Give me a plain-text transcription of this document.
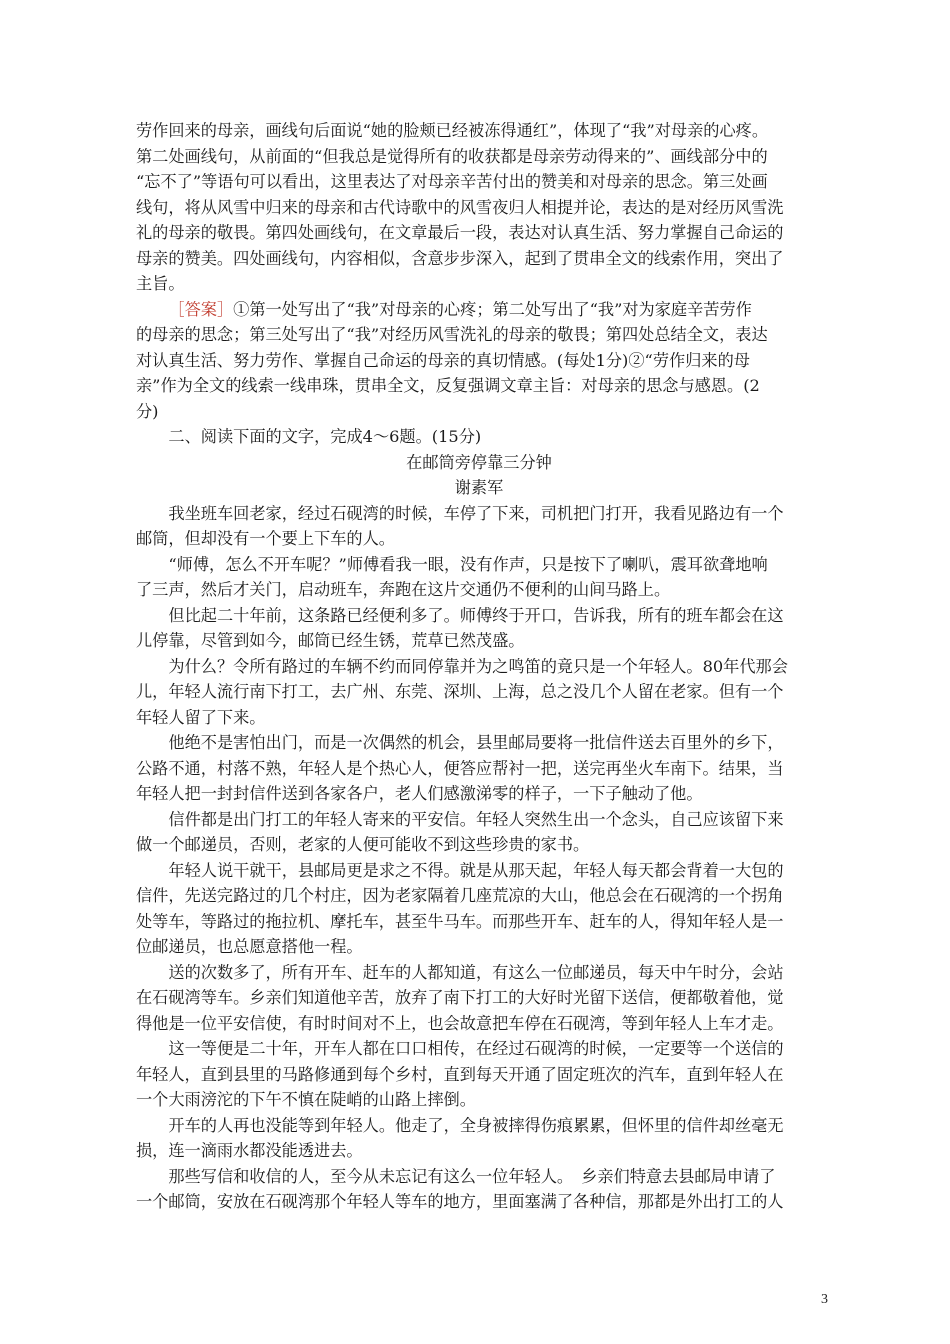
劳作回来的母亲，画线句后面说“她的脸颊已经被冻得通红”，体现了“我”对母亲的心疼。
第二处画线句，从前面的“但我总是觉得所有的收获都是母亲劳动得来的”、画线部分中的
“忘不了”等语句可以看出，这里表达了对母亲辛苦付出的赞美和对母亲的思念。第三处画
线句，将从风雪中归来的母亲和古代诗歌中的风雪夜归人相提并论，表达的是对经历风雪洗
礼的母亲的敬畏。第四处画线句，在文章最后一段，表达对认真生活、努力掌握自己命运的
母亲的赞美。四处画线句，内容相似，含意步步深入，起到了贯串全文的线索作用，突出了
主旨。
［答案］①第一处写出了“我”对母亲的心疼；第二处写出了“我”对为家庭辛苦劳作
的母亲的思念；第三处写出了“我”对经历风雪洗礼的母亲的敬畏；第四处总结全文，表达
对认真生活、努力劳作、掌握自己命运的母亲的真切情感。(每处1分)②“劳作归来的母
亲”作为全文的线索一线串珠，贯串全文，反复强调文章主旨：对母亲的思念与感恩。(2
分)
二、阅读下面的文字，完成4～6题。(15分)
在邮筒旁停靠三分钟
谢素军
我坐班车回老家，经过石砚湾的时候，车停了下来，司机把门打开，我看见路边有一个
邮筒，但却没有一个要上下车的人。
“师傅，怎么不开车呢？”师傅看我一眼，没有作声，只是按下了喇叭，震耳欲聋地响
了三声，然后才关门，启动班车，奔跑在这片交通仍不便利的山间马路上。
但比起二十年前，这条路已经便利多了。师傅终于开口，告诉我，所有的班车都会在这
儿停靠，尽管到如今，邮筒已经生锈，荒草已然茂盛。
为什么？令所有路过的车辆不约而同停靠并为之鸣笛的竟只是一个年轻人。80年代那会
儿，年轻人流行南下打工，去广州、东莞、深圳、上海，总之没几个人留在老家。但有一个
年轻人留了下来。
他绝不是害怕出门，而是一次偶然的机会，县里邮局要将一批信件送去百里外的乡下，
公路不通，村落不熟，年轻人是个热心人，便答应帮衬一把，送完再坐火车南下。结果，当
年轻人把一封封信件送到各家各户，老人们感激涕零的样子，一下子触动了他。
信件都是出门打工的年轻人寄来的平安信。年轻人突然生出一个念头，自己应该留下来
做一个邮递员，否则，老家的人便可能收不到这些珍贵的家书。
年轻人说干就干，县邮局更是求之不得。就是从那天起，年轻人每天都会背着一大包的
信件，先送完路过的几个村庄，因为老家隔着几座荒凉的大山，他总会在石砚湾的一个拐角
处等车，等路过的拖拉机、摩托车，甚至牛马车。而那些开车、赶车的人，得知年轻人是一
位邮递员，也总愿意搭他一程。
送的次数多了，所有开车、赶车的人都知道，有这么一位邮递员，每天中午时分，会站
在石砚湾等车。乡亲们知道他辛苦，放弃了南下打工的大好时光留下送信，便都敬着他，觉
得他是一位平安信使，有时时间对不上，也会故意把车停在石砚湾，等到年轻人上车才走。
这一等便是二十年，开车人都在口口相传，在经过石砚湾的时候，一定要等一个送信的
年轻人，直到县里的马路修通到每个乡村，直到每天开通了固定班次的汽车，直到年轻人在
一个大雨滂沱的下午不慎在陡峭的山路上摔倒。
开车的人再也没能等到年轻人。他走了，全身被摔得伤痕累累，但怀里的信件却丝毫无
损，连一滴雨水都没能透进去。
那些写信和收信的人，至今从未忘记有这么一位年轻人。　乡亲们特意去县邮局申请了
一个邮筒，安放在石砚湾那个年轻人等车的地方，里面塞满了各种信，那都是外出打工的人
3
